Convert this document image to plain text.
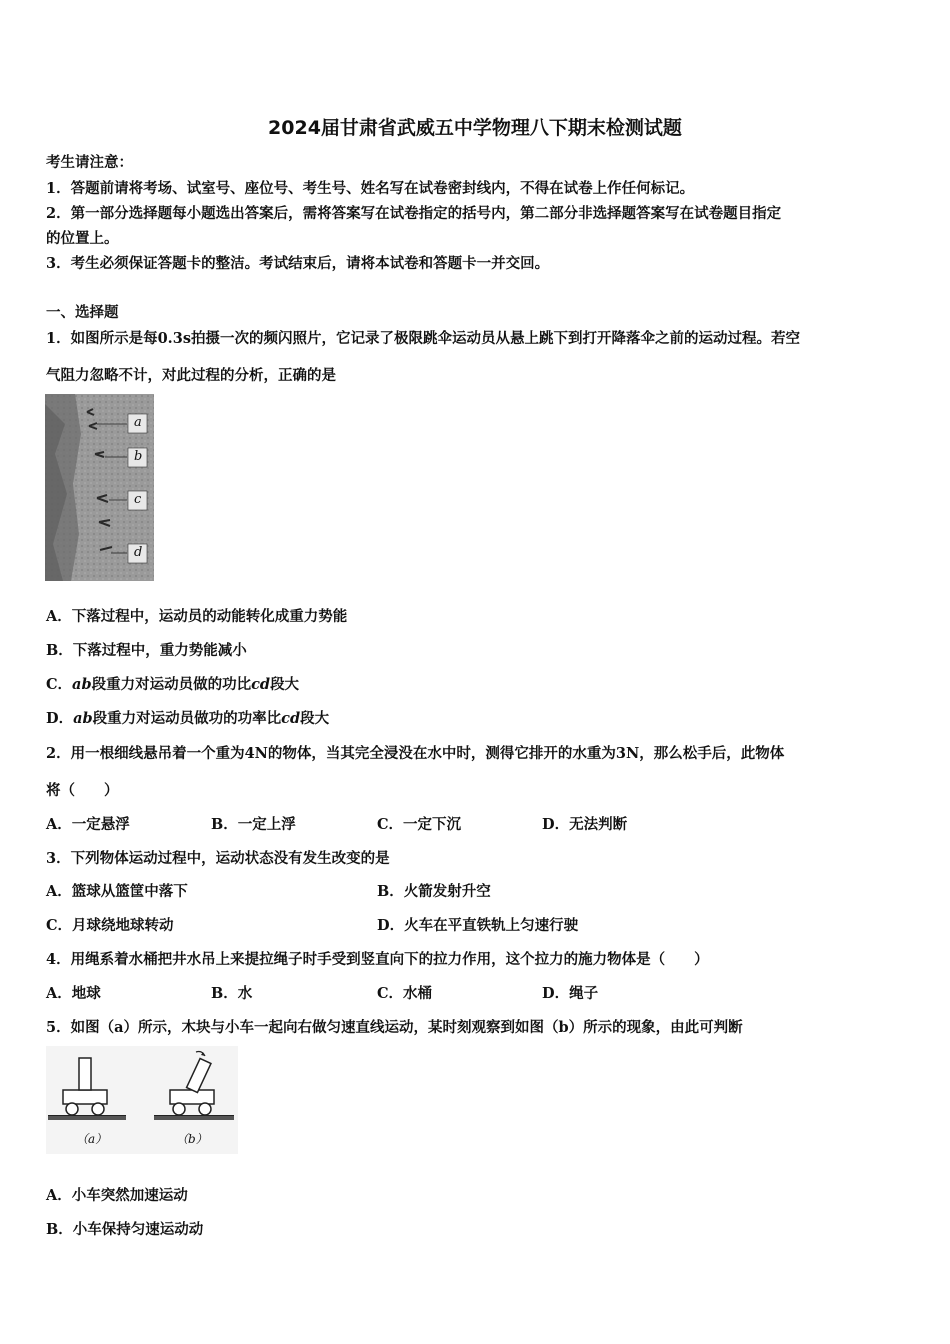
2024届甘肃省武威五中学物理八下期末检测试题
考生请注意：
1．答题前请将考场、试室号、座位号、考生号、姓名写在试卷密封线内，不得在试卷上作任何标记。
2．第一部分选择题每小题选出答案后，需将答案写在试卷指定的括号内，第二部分非选择题答案写在试卷题目指定
的位置上。
3．考生必须保证答题卡的整洁。考试结束后，请将本试卷和答题卡一并交回。
一、选择题
1．如图所示是每0.3s拍摄一次的频闪照片，它记录了极限跳伞运动员从悬上跳下到打开降落伞之前的运动过程。若空
气阻力忽略不计，对此过程的分析，正确的是
a
b
c
d
A．下落过程中，运动员的动能转化成重力势能
B．下落过程中，重力势能减小
C．ab段重力对运动员做的功比cd段大
D．ab段重力对运动员做功的功率比cd段大
2．用一根细线悬吊着一个重为4N的物体，当其完全浸没在水中时，测得它排开的水重为3N，那么松手后，此物体
将（　　）
A．一定悬浮	B．一定上浮	C．一定下沉	D．无法判断
3．下列物体运动过程中，运动状态没有发生改变的是
A．篮球从篮筐中落下	B．火箭发射升空
C．月球绕地球转动	D．火车在平直铁轨上匀速行驶
4．用绳系着水桶把井水吊上来提拉绳子时手受到竖直向下的拉力作用，这个拉力的施力物体是（　　）
A．地球	B．水	C．水桶	D．绳子
5．如图（a）所示，木块与小车一起向右做匀速直线运动，某时刻观察到如图（b）所示的现象，由此可判断
（a）	（b）
A．小车突然加速运动
B．小车保持匀速运动动
